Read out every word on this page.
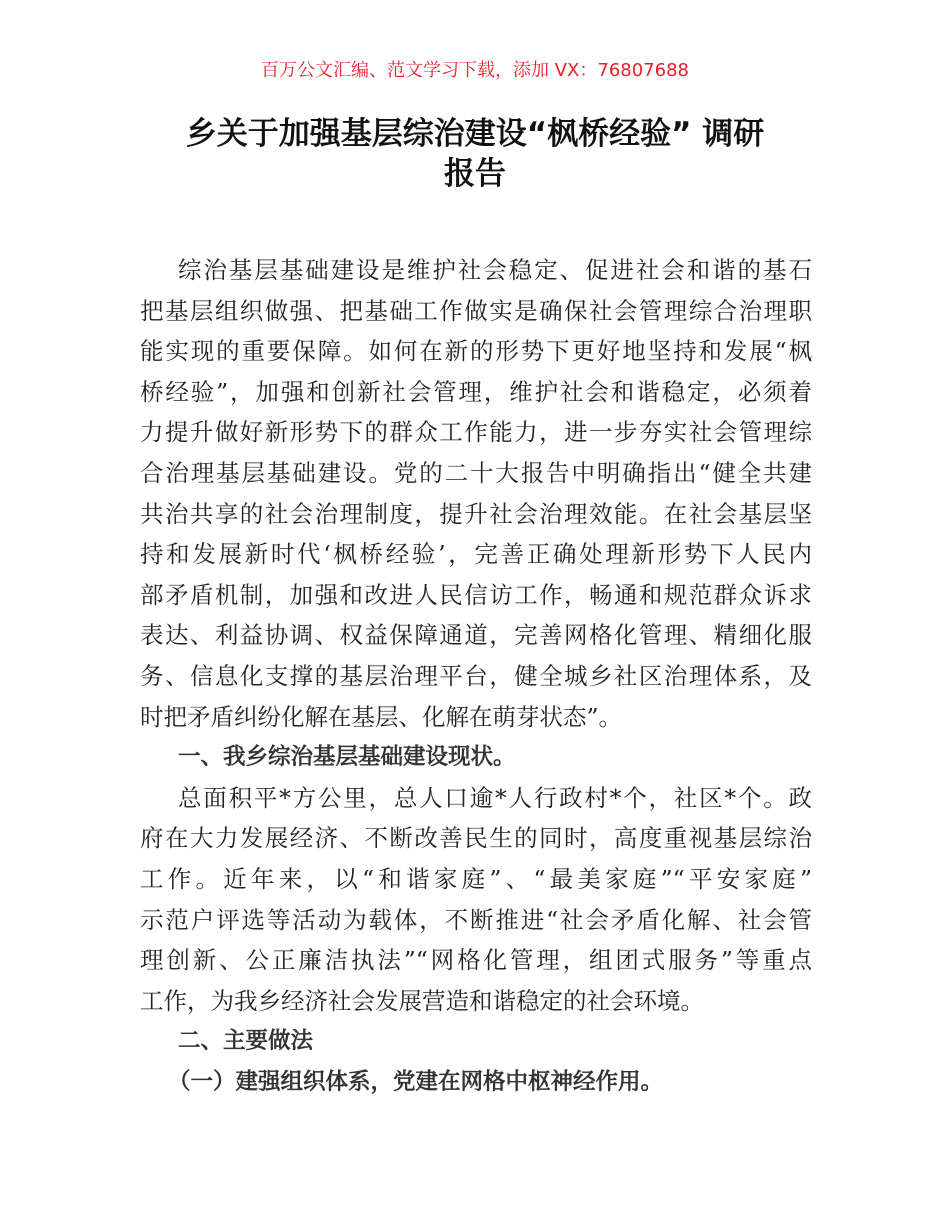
百万公文汇编、范文学习下载，添加 VX：76807688
乡关于加强基层综治建设“枫桥经验” 调研
报告
综治基层基础建设是维护社会稳定、促进社会和谐的基石
把基层组织做强、把基础工作做实是确保社会管理综合治理职
能实现的重要保障。如何在新的形势下更好地坚持和发展“枫
桥经验”，加强和创新社会管理，维护社会和谐稳定，必须着
力提升做好新形势下的群众工作能力，进一步夯实社会管理综
合治理基层基础建设。党的二十大报告中明确指出“健全共建
共治共享的社会治理制度，提升社会治理效能。在社会基层坚
持和发展新时代‘枫桥经验’，完善正确处理新形势下人民内
部矛盾机制，加强和改进人民信访工作，畅通和规范群众诉求
表达、利益协调、权益保障通道，完善网格化管理、精细化服
务、信息化支撑的基层治理平台，健全城乡社区治理体系，及
时把矛盾纠纷化解在基层、化解在萌芽状态”。
一、我乡综治基层基础建设现状。
总面积平*方公里，总人口逾*人行政村*个，社区*个。政
府在大力发展经济、不断改善民生的同时，高度重视基层综治
工作。近年来，以“和谐家庭”、“最美家庭”“平安家庭”
示范户评选等活动为载体，不断推进“社会矛盾化解、社会管
理创新、公正廉洁执法”“网格化管理，组团式服务”等重点
工作，为我乡经济社会发展营造和谐稳定的社会环境。
二、主要做法
（一）建强组织体系，党建在网格中枢神经作用。
